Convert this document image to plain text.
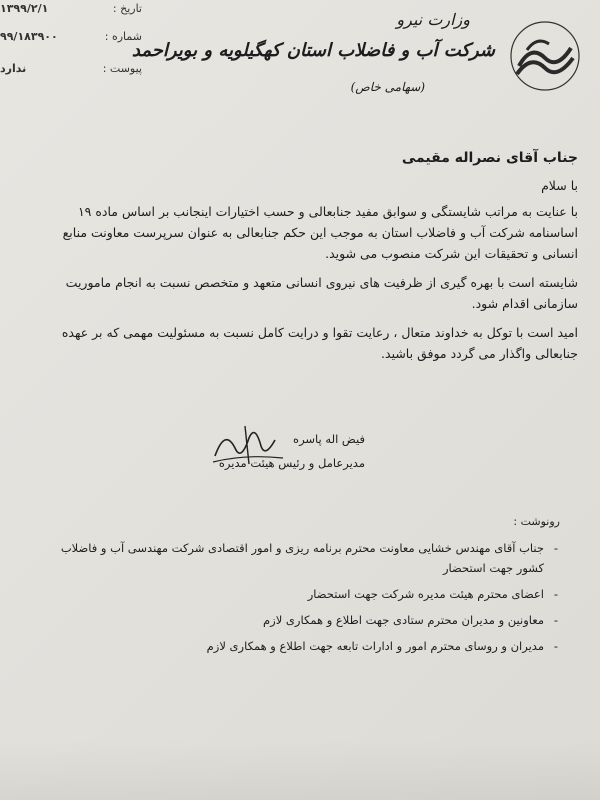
۱۳۹۹/۲/۱	تاریخ :
۹۹/۱۸۳۹۰۰	شماره :
ندارد	پیوست :
وزارت نیرو
شرکت آب و فاضلاب استان کهگیلویه و بویراحمد
(سهامی خاص)
جناب آقای نصراله مقیمی
با سلام

با عنایت به مراتب شایستگی و سوابق مفید جنابعالی و حسب اختیارات اینجانب بر اساس ماده ۱۹ اساسنامه شرکت آب و فاضلاب استان به موجب این حکم جنابعالی به عنوان سرپرست معاونت منابع انسانی و تحقیقات این شرکت منصوب می شوید.

شایسته است با بهره گیری از ظرفیت های نیروی انسانی متعهد و متخصص نسبت به انجام ماموریت سازمانی اقدام شود.

امید است با توکل به خداوند متعال ، رعایت تقوا و درایت کامل نسبت به مسئولیت مهمی که بر عهده جنابعالی واگذار می گردد موفق باشید.

فیض اله پاسره
مدیرعامل و رئیس هیئت مدیره
رونوشت :
-
جناب آقای مهندس خشایی معاونت محترم برنامه ریزی و امور اقتصادی شرکت مهندسی آب و فاضلاب کشور جهت استحضار
-
اعضای محترم هیئت مدیره شرکت جهت استحضار
-
معاونین و مدیران محترم ستادی جهت اطلاع و همکاری لازم
-
مدیران و روسای محترم امور و ادارات تابعه جهت اطلاع و همکاری لازم
